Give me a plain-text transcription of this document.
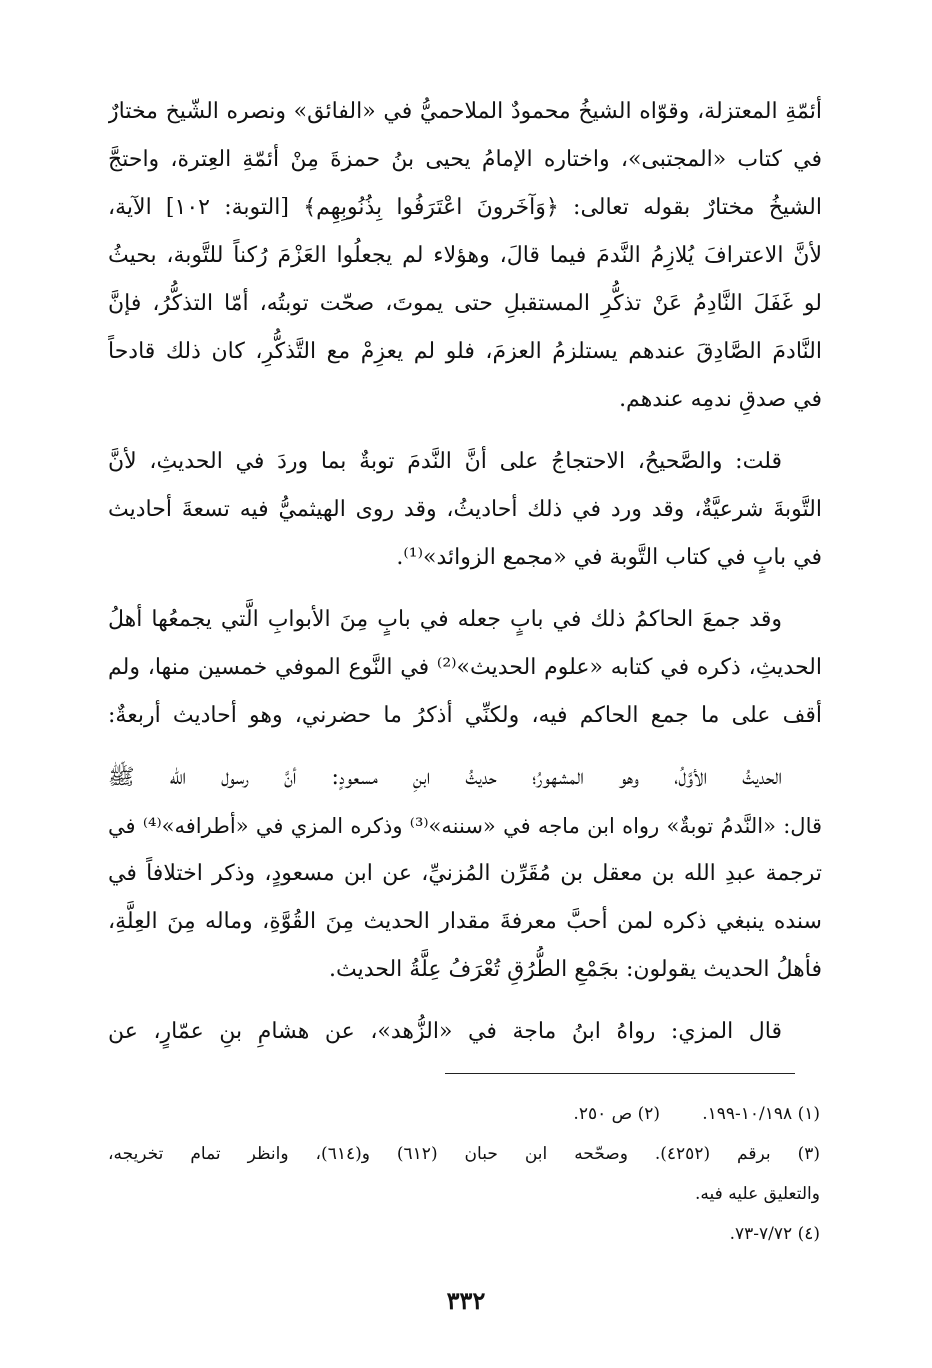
أئمّةِ المعتزلة، وقوّاه الشيخُ محمودٌ الملاحميُّ في «الفائق» ونصره الشّيخ مختارٌ
في كتاب «المجتبى»، واختاره الإمامُ يحيى بنُ حمزةَ مِنْ أئمّةِ العِترة، واحتجَّ
الشيخُ مختارٌ بقوله تعالى: ﴿وَآخَرونَ اعْتَرَفُوا بِذُنُوبِهِم﴾ [التوبة: ١٠٢] الآية،
لأنَّ الاعترافَ يُلازِمُ النَّدمَ فيما قالَ، وهؤلاء لم يجعلُوا العَزْمَ رُكناً للتَّوبة، بحيثُ
لو غَفَلَ النَّادِمُ عَنْ تذكُّرِ المستقبلِ حتى يموتَ، صحّت توبتُه، أمّا التذكُّرُ، فإنَّ
النَّادمَ الصَّادِقَ عندهم يستلزمُ العزمَ، فلو لم يعزِمْ مع التَّذكُّرِ، كان ذلك قادحاً
في صدقِ ندمِه عندهم.
قلت: والصَّحيحُ، الاحتجاجُ على أنَّ النَّدمَ توبةٌ بما وردَ في الحديثِ، لأنَّ
التَّوبةَ شرعيَّةٌ، وقد ورد في ذلك أحاديثُ، وقد روى الهيثميُّ فيه تسعةَ أحاديث
في بابٍ في كتاب التَّوبة في «مجمع الزوائد»⁽¹⁾.
وقد جمعَ الحاكمُ ذلك في بابٍ جعله في بابٍ مِنَ الأبوابِ الَّتي يجمعُها أهلُ
الحديثِ، ذكره في كتابه «علوم الحديث»⁽²⁾ في النَّوع الموفي خمسين منها، ولم
أقف على ما جمع الحاكم فيه، ولكنِّي أذكرُ ما حضرني، وهو أحاديث أربعةٌ:
الحديثُ الأوَّلُ، وهو المشهورُ؛ حديثُ ابنِ مسعودٍ: أنَّ رسول الله ﷺ
قال: «النَّدمُ توبةٌ» رواه ابن ماجه في «سننه»⁽³⁾ وذكره المزي في «أطرافه»⁽⁴⁾ في
ترجمة عبدِ الله بن معقل بن مُقَرِّن المُزنيِّ، عن ابن مسعودٍ، وذكر اختلافاً في
سنده ينبغي ذكره لمن أحبَّ معرفةَ مقدار الحديث مِنَ القُوَّةِ، وماله مِنَ العِلَّةِ،
فأهلُ الحديث يقولون: بجَمْعِ الطُّرُقِ تُعْرَفُ عِلَّةُ الحديث.
قال المزي: رواهُ ابنُ ماجة في «الزُّهد»، عن هشامِ بنِ عمّارٍ، عن
(١) ١٠/١٩٨-١٩٩.
(٢) ص ٢٥٠.
(٣) برقم (٤٢٥٢). وصحّحه ابن حبان (٦١٢) و(٦١٤)، وانظر تمام تخريجه،
والتعليق عليه فيه.
(٤) ٧/٧٢-٧٣.
٣٣٢
